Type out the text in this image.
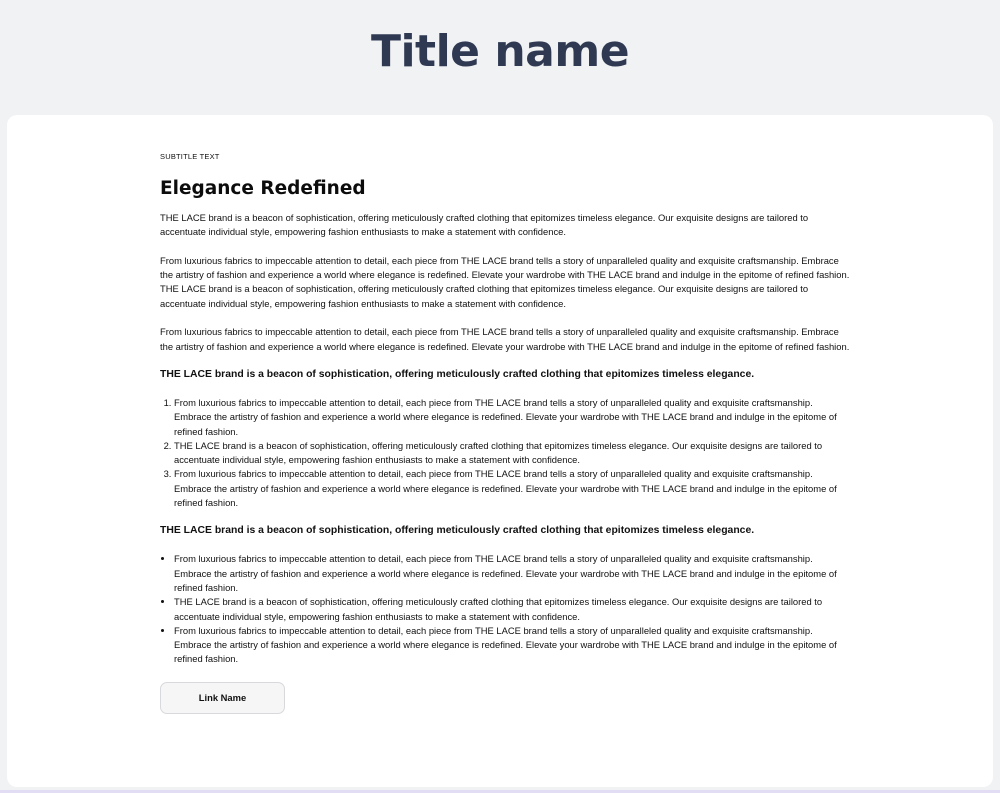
Title name

SUBTITLE TEXT

Elegance Redefined

THE LACE brand is a beacon of sophistication, offering meticulously crafted clothing that epitomizes timeless elegance. Our exquisite designs are tailored to accentuate individual style, empowering fashion enthusiasts to make a statement with confidence.

From luxurious fabrics to impeccable attention to detail, each piece from THE LACE brand tells a story of unparalleled quality and exquisite craftsmanship. Embrace the artistry of fashion and experience a world where elegance is redefined. Elevate your wardrobe with THE LACE brand and indulge in the epitome of refined fashion.

THE LACE brand is a beacon of sophistication, offering meticulously crafted clothing that epitomizes timeless elegance. Our exquisite designs are tailored to accentuate individual style, empowering fashion enthusiasts to make a statement with confidence.

From luxurious fabrics to impeccable attention to detail, each piece from THE LACE brand tells a story of unparalleled quality and exquisite craftsmanship. Embrace the artistry of fashion and experience a world where elegance is redefined. Elevate your wardrobe with THE LACE brand and indulge in the epitome of refined fashion.

THE LACE brand is a beacon of sophistication, offering meticulously crafted clothing that epitomizes timeless elegance.

1. From luxurious fabrics to impeccable attention to detail, each piece from THE LACE brand tells a story of unparalleled quality and exquisite craftsmanship. Embrace the artistry of fashion and experience a world where elegance is redefined. Elevate your wardrobe with THE LACE brand and indulge in the epitome of refined fashion.
2. THE LACE brand is a beacon of sophistication, offering meticulously crafted clothing that epitomizes timeless elegance. Our exquisite designs are tailored to accentuate individual style, empowering fashion enthusiasts to make a statement with confidence.
3. From luxurious fabrics to impeccable attention to detail, each piece from THE LACE brand tells a story of unparalleled quality and exquisite craftsmanship. Embrace the artistry of fashion and experience a world where elegance is redefined. Elevate your wardrobe with THE LACE brand and indulge in the epitome of refined fashion.

THE LACE brand is a beacon of sophistication, offering meticulously crafted clothing that epitomizes timeless elegance.

• From luxurious fabrics to impeccable attention to detail, each piece from THE LACE brand tells a story of unparalleled quality and exquisite craftsmanship. Embrace the artistry of fashion and experience a world where elegance is redefined. Elevate your wardrobe with THE LACE brand and indulge in the epitome of refined fashion.
• THE LACE brand is a beacon of sophistication, offering meticulously crafted clothing that epitomizes timeless elegance. Our exquisite designs are tailored to accentuate individual style, empowering fashion enthusiasts to make a statement with confidence.
• From luxurious fabrics to impeccable attention to detail, each piece from THE LACE brand tells a story of unparalleled quality and exquisite craftsmanship. Embrace the artistry of fashion and experience a world where elegance is redefined. Elevate your wardrobe with THE LACE brand and indulge in the epitome of refined fashion.
Link Name
